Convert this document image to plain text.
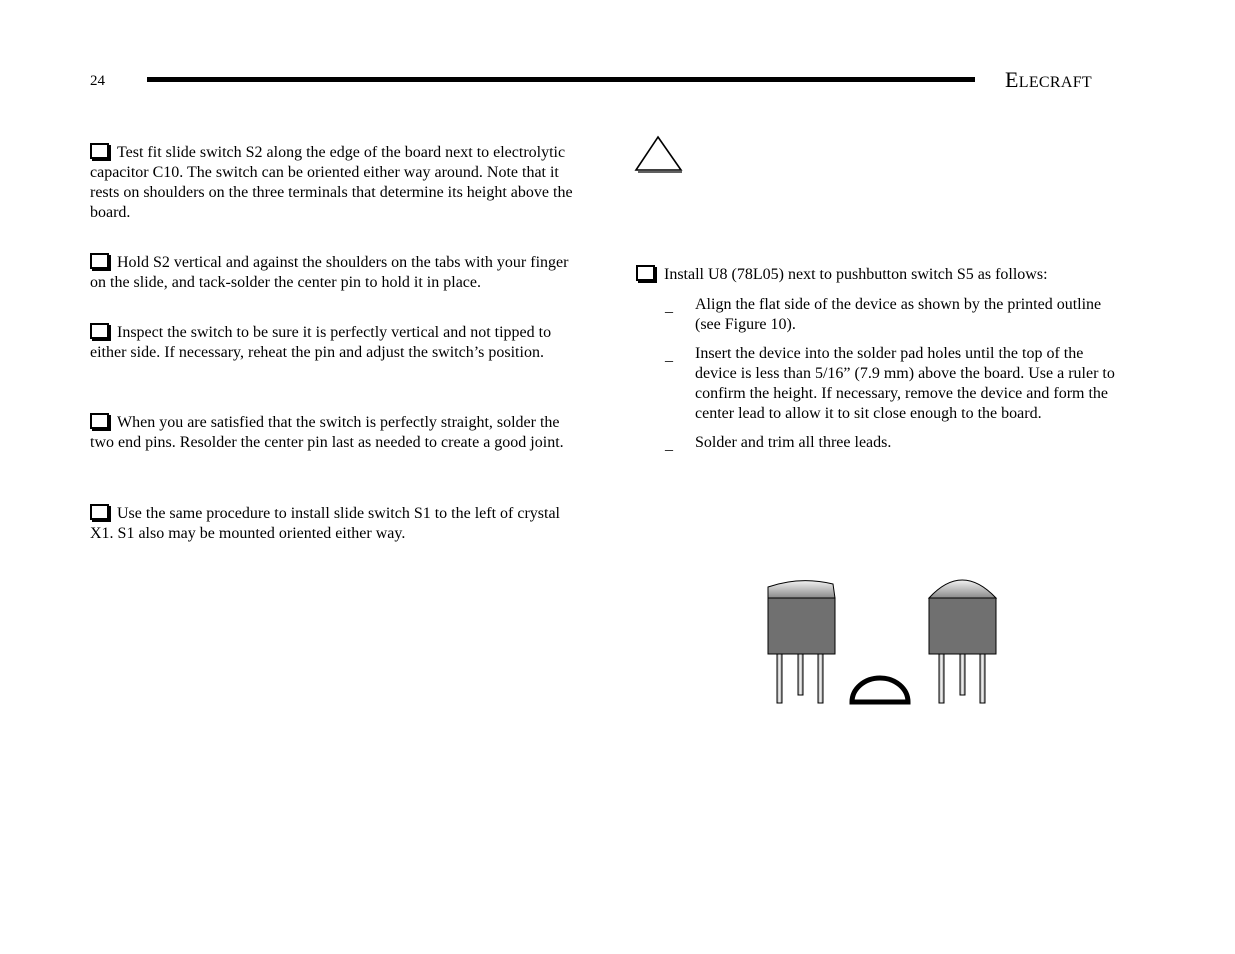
24	ELECRAFT

Test fit slide switch S2 along the edge of the board next to electrolytic capacitor C10. The switch can be oriented either way around. Note that it rests on shoulders on the three terminals that determine its height above the board.

Hold S2 vertical and against the shoulders on the tabs with your finger on the slide, and tack-solder the center pin to hold it in place.

Inspect the switch to be sure it is perfectly vertical and not tipped to either side. If necessary, reheat the pin and adjust the switch’s position.

When you are satisfied that the switch is perfectly straight, solder the two end pins. Resolder the center pin last as needed to create a good joint.

Use the same procedure to install slide switch S1 to the left of crystal X1. S1 also may be mounted oriented either way.

Install U8 (78L05) next to pushbutton switch S5 as follows:

_ Align the flat side of the device as shown by the printed outline (see Figure 10).
_ Insert the device into the solder pad holes until the top of the device is less than 5/16” (7.9 mm) above the board. Use a ruler to confirm the height. If necessary, remove the device and form the center lead to allow it to sit close enough to the board.
_ Solder and trim all three leads.
